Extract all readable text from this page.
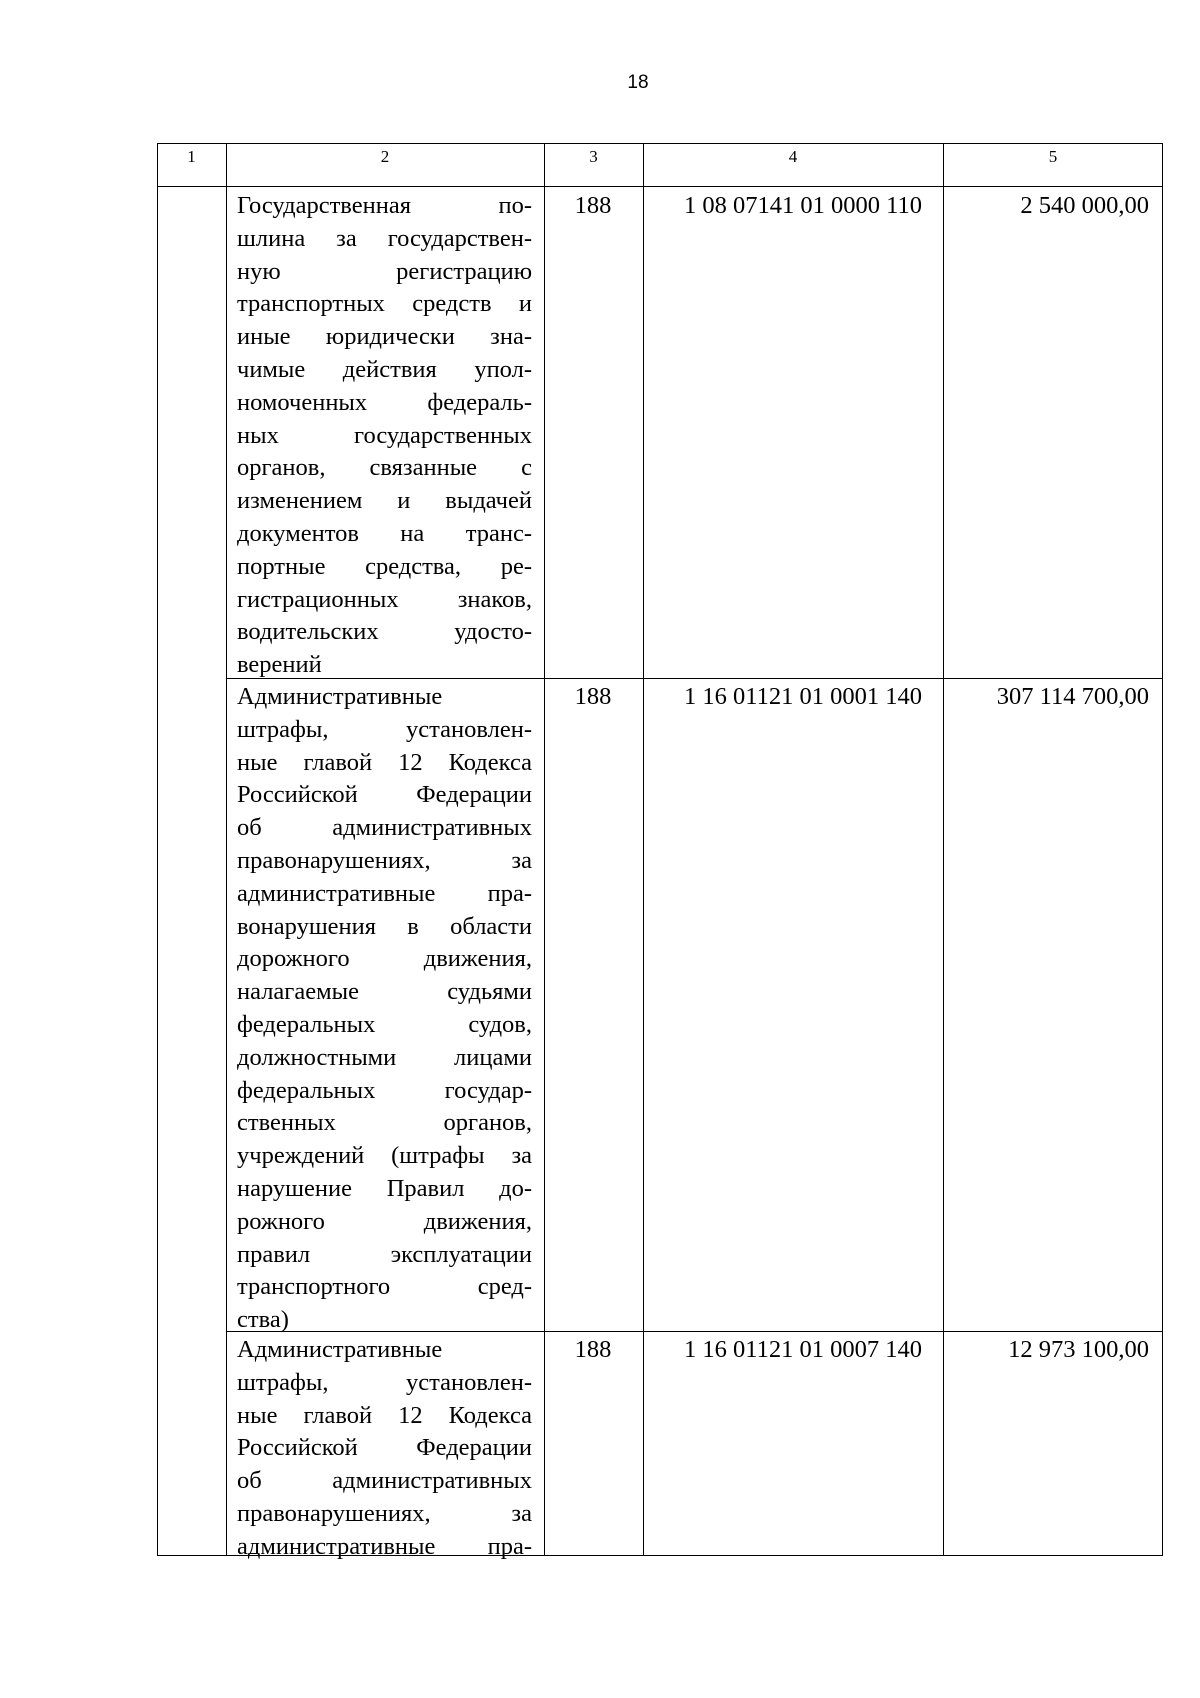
18
1	2	3	4	5
Государственная по-
шлина за государствен-
ную регистрацию
транспортных средств и
иные юридически зна-
чимые действия упол-
номоченных федераль-
ных государственных
органов, связанные с
изменением и выдачей
документов на транс-
портные средства, ре-
гистрационных знаков,
водительских удосто-
верений
188	1 08 07141 01 0000 110	2 540 000,00
Административные
штрафы, установлен-
ные главой 12 Кодекса
Российской Федерации
об административных
правонарушениях, за
административные пра-
вонарушения в области
дорожного движения,
налагаемые судьями
федеральных судов,
должностными лицами
федеральных государ-
ственных органов,
учреждений (штрафы за
нарушение Правил до-
рожного движения,
правил эксплуатации
транспортного сред-
ства)
188	1 16 01121 01 0001 140	307 114 700,00
Административные
штрафы, установлен-
ные главой 12 Кодекса
Российской Федерации
об административных
правонарушениях, за
административные пра-
188	1 16 01121 01 0007 140	12 973 100,00
